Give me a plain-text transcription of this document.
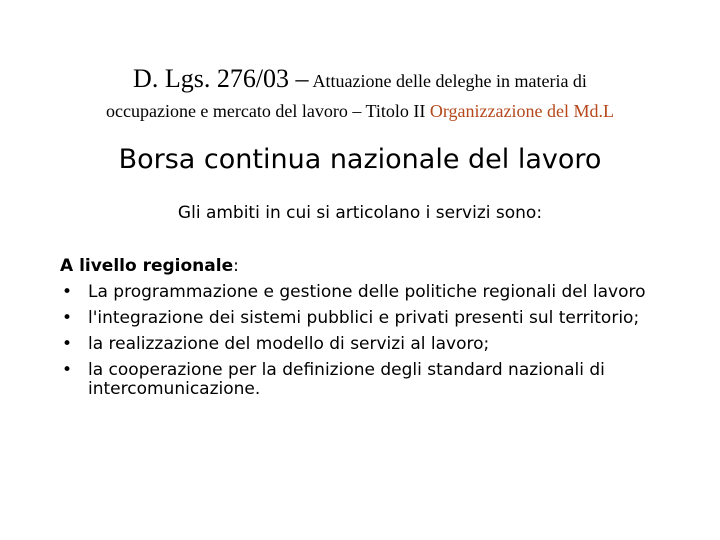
D. Lgs. 276/03 – Attuazione delle deleghe in materia di
occupazione e mercato del lavoro – Titolo II Organizzazione del Md.L
Borsa continua nazionale del lavoro
Gli ambiti in cui si articolano i servizi sono:
A livello regionale:
• La programmazione e gestione delle politiche regionali del lavoro
• l'integrazione dei sistemi pubblici e privati presenti sul territorio;
• la realizzazione del modello di servizi al lavoro;
• la cooperazione per la definizione degli standard nazionali di intercomunicazione.
